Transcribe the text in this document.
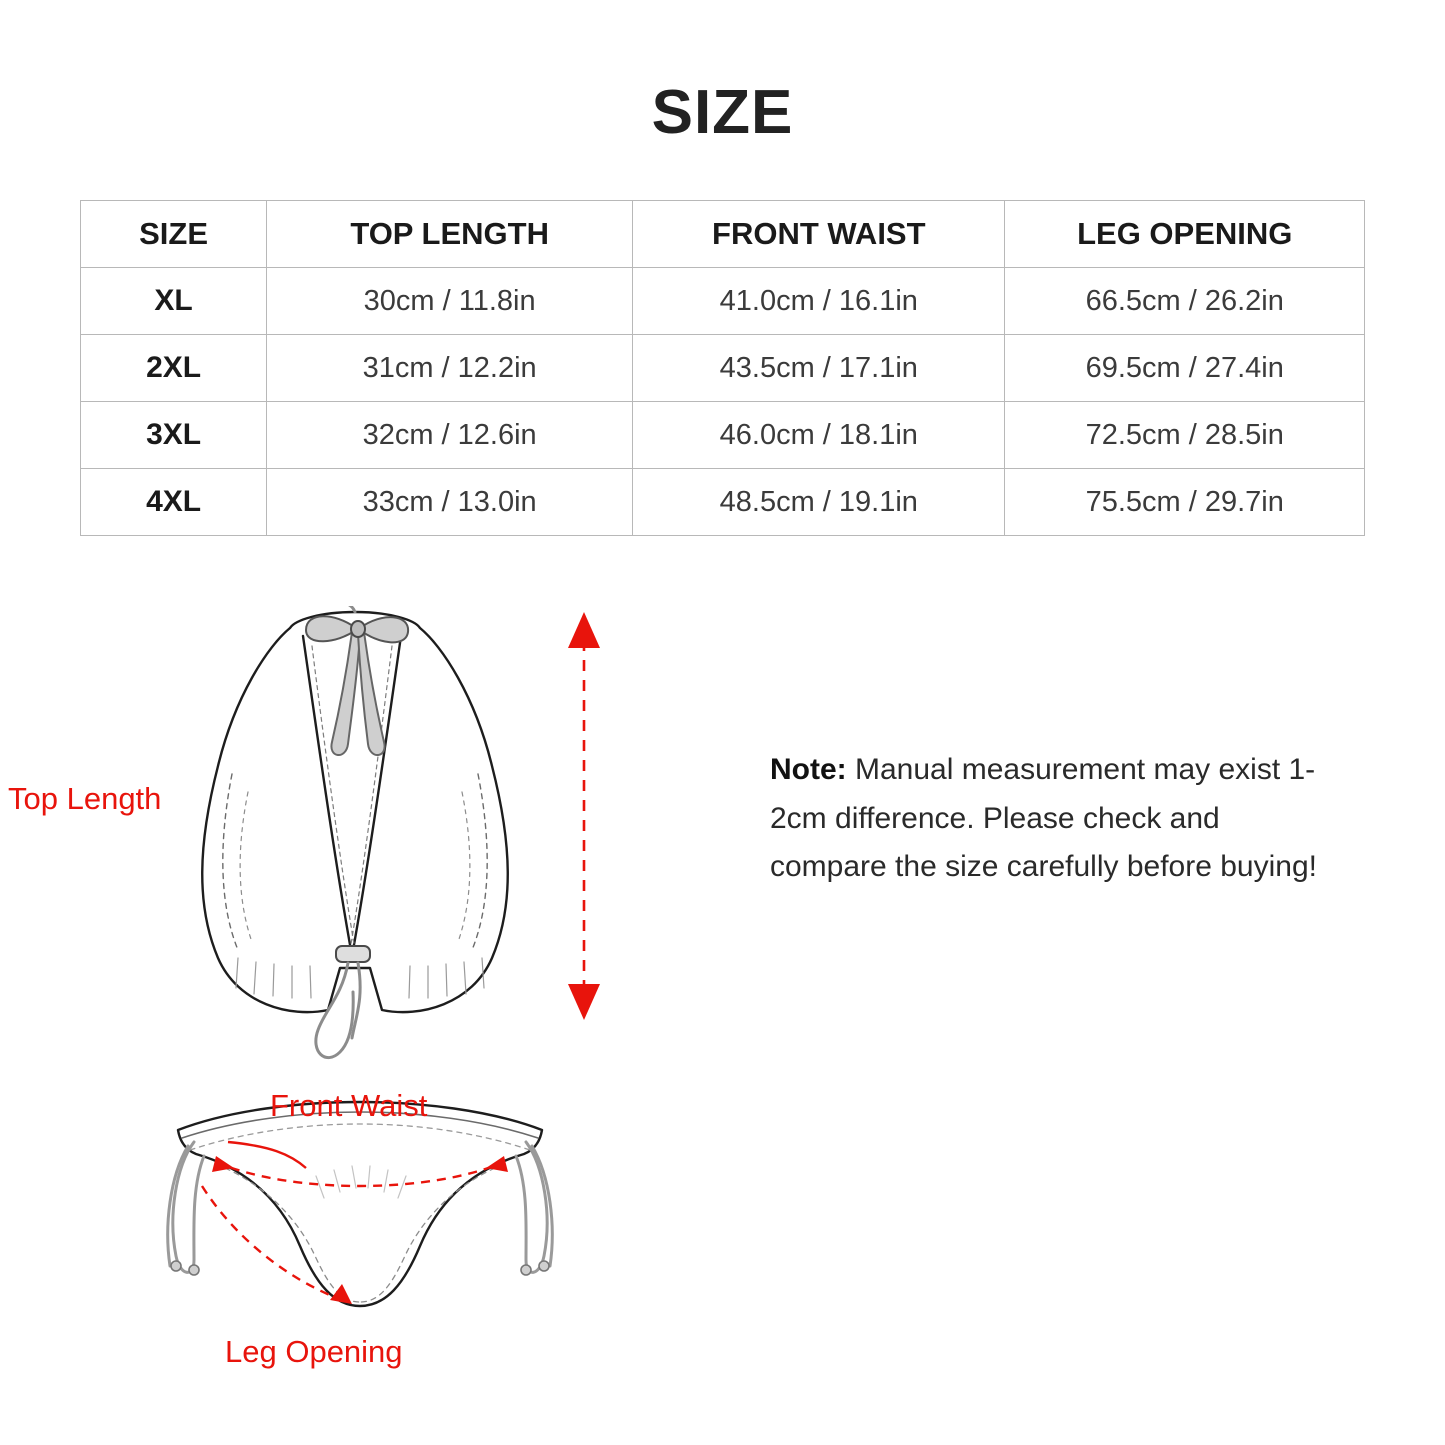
SIZE
SIZE	TOP LENGTH	FRONT WAIST	LEG OPENING
XL	30cm / 11.8in	41.0cm / 16.1in	66.5cm / 26.2in
2XL	31cm / 12.2in	43.5cm / 17.1in	69.5cm / 27.4in
3XL	32cm / 12.6in	46.0cm / 18.1in	72.5cm / 28.5in
4XL	33cm / 13.0in	48.5cm / 19.1in	75.5cm / 29.7in
Top Length
Note: Manual measurement may exist 1-2cm difference. Please check and compare the size carefully before buying!
Front Waist
Leg Opening
